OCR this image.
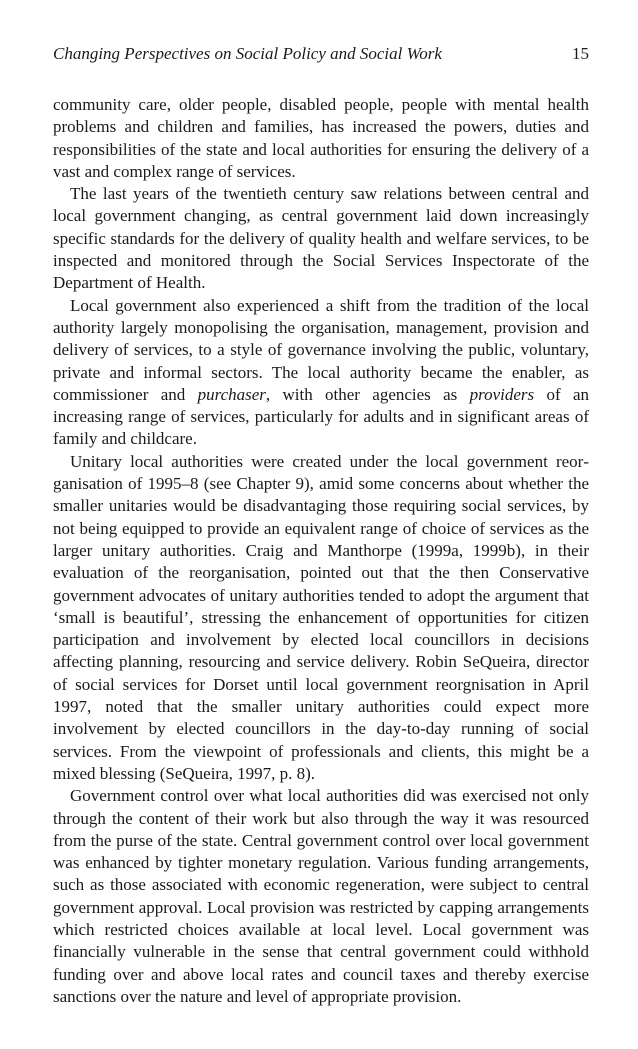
Changing Perspectives on Social Policy and Social Work	15

community care, older people, disabled people, people with mental health problems and children and families, has increased the powers, duties and responsibilities of the state and local authorities for ensuring the delivery of a vast and complex range of services.

The last years of the twentieth century saw relations between central and local government changing, as central government laid down increasingly specific standards for the delivery of quality health and welfare services, to be inspected and monitored through the Social Services Inspectorate of the Department of Health.

Local government also experienced a shift from the tradition of the local authority largely monopolising the organisation, management, provision and delivery of services, to a style of governance involving the public, voluntary, private and informal sectors. The local authority became the enabler, as commissioner and purchaser, with other agencies as providers of an increasing range of services, particularly for adults and in significant areas of family and childcare.

Unitary local authorities were created under the local government reorganisation of 1995–8 (see Chapter 9), amid some concerns about whether the smaller unitaries would be disadvantaging those requiring social services, by not being equipped to provide an equivalent range of choice of services as the larger unitary authorities. Craig and Manthorpe (1999a, 1999b), in their evaluation of the reorganisation, pointed out that the then Conservative government advocates of unitary authorities tended to adopt the argument that ‘small is beautiful’, stressing the enhancement of opportunities for citizen participation and involvement by elected local councillors in decisions affecting planning, resourcing and service delivery. Robin SeQueira, director of social services for Dorset until local government reorgnisation in April 1997, noted that the smaller unitary authorities could expect more involvement by elected councillors in the day-to-day running of social services. From the viewpoint of professionals and clients, this might be a mixed blessing (SeQueira, 1997, p. 8).

Government control over what local authorities did was exercised not only through the content of their work but also through the way it was resourced from the purse of the state. Central government control over local government was enhanced by tighter monetary regulation. Various funding arrangements, such as those associated with economic regeneration, were subject to central government approval. Local provision was restricted by capping arrangements which restricted choices available at local level. Local government was financially vulnerable in the sense that central government could withhold funding over and above local rates and council taxes and thereby exercise sanctions over the nature and level of appropriate provision.
